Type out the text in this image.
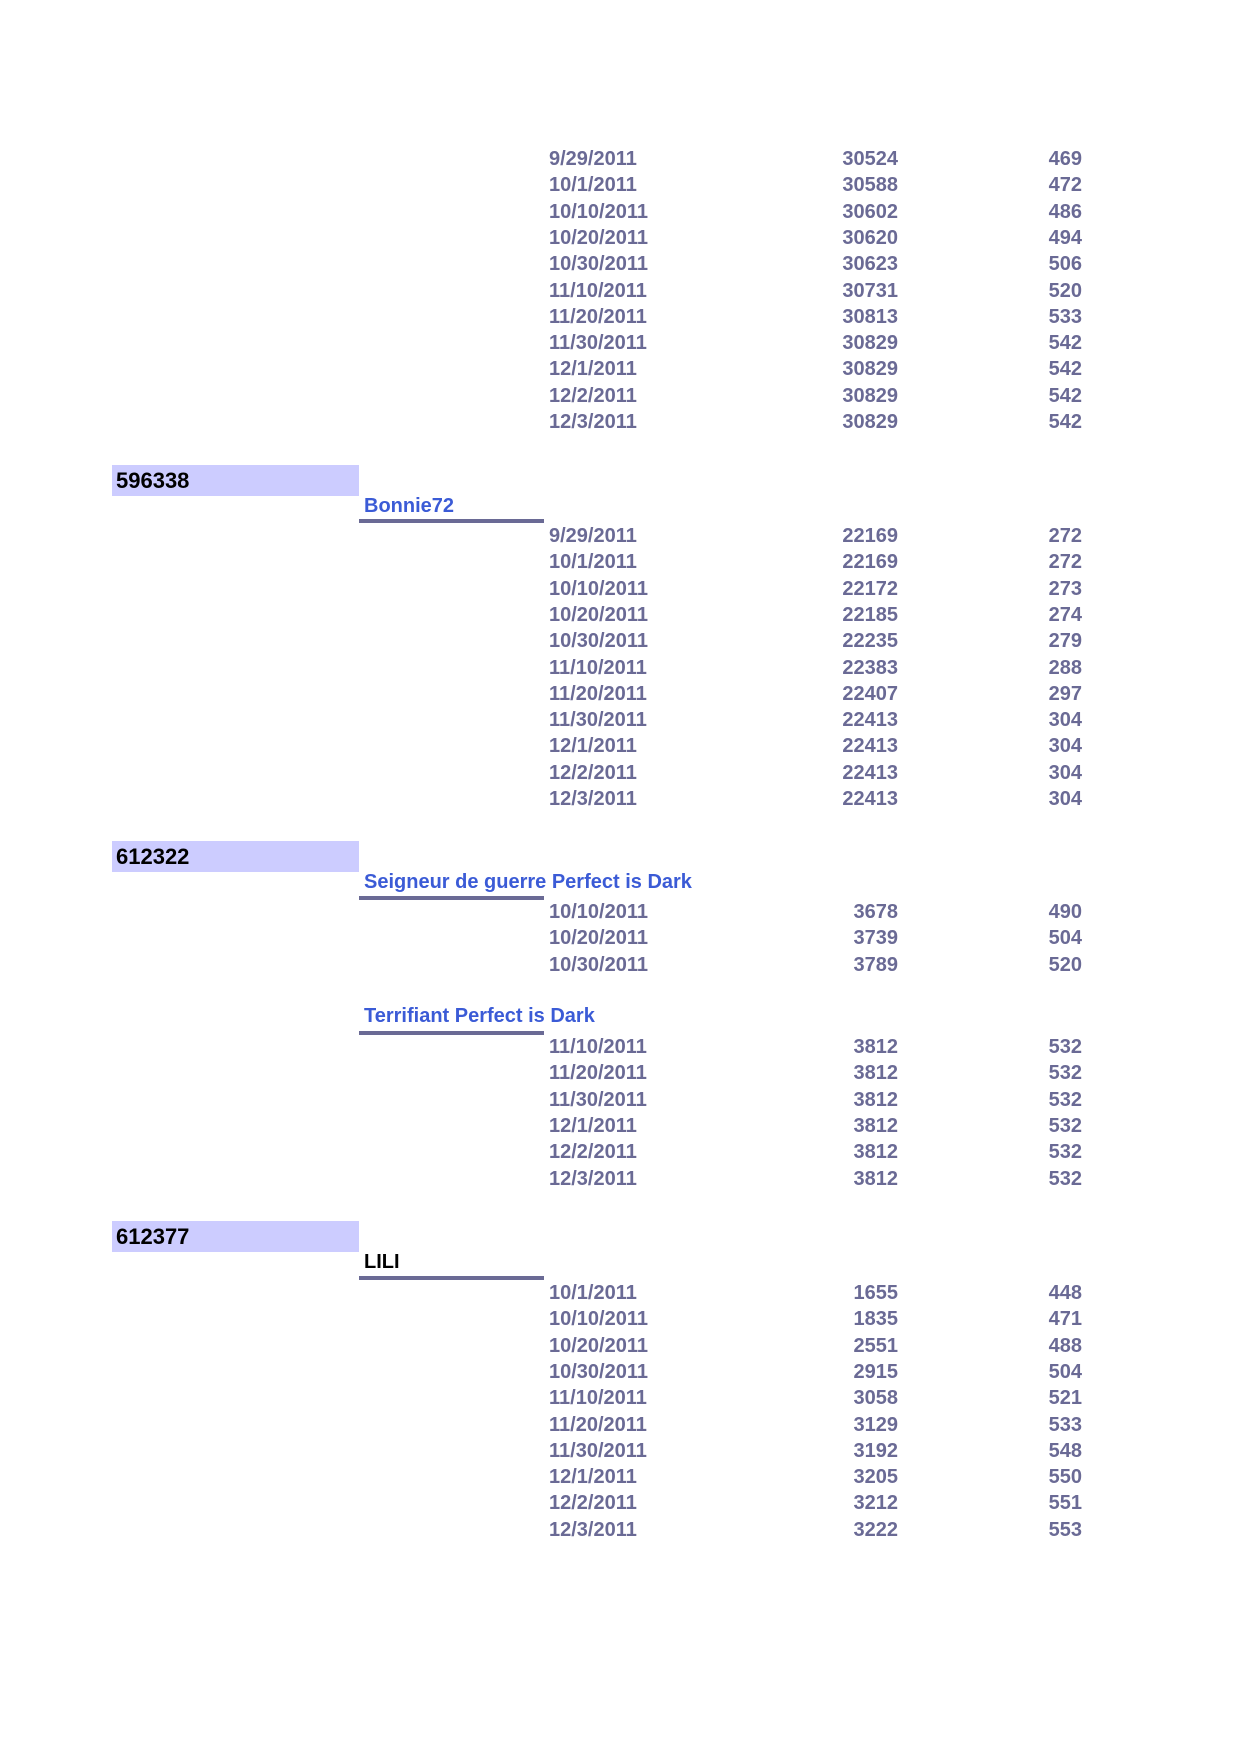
9/29/2011	30524	469
10/1/2011	30588	472
10/10/2011	30602	486
10/20/2011	30620	494
10/30/2011	30623	506
11/10/2011	30731	520
11/20/2011	30813	533
11/30/2011	30829	542
12/1/2011	30829	542
12/2/2011	30829	542
12/3/2011	30829	542
596338
Bonnie72
9/29/2011	22169	272
10/1/2011	22169	272
10/10/2011	22172	273
10/20/2011	22185	274
10/30/2011	22235	279
11/10/2011	22383	288
11/20/2011	22407	297
11/30/2011	22413	304
12/1/2011	22413	304
12/2/2011	22413	304
12/3/2011	22413	304
612322
Seigneur de guerre Perfect is Dark
10/10/2011	3678	490
10/20/2011	3739	504
10/30/2011	3789	520
Terrifiant Perfect is Dark
11/10/2011	3812	532
11/20/2011	3812	532
11/30/2011	3812	532
12/1/2011	3812	532
12/2/2011	3812	532
12/3/2011	3812	532
612377
LILI
10/1/2011	1655	448
10/10/2011	1835	471
10/20/2011	2551	488
10/30/2011	2915	504
11/10/2011	3058	521
11/20/2011	3129	533
11/30/2011	3192	548
12/1/2011	3205	550
12/2/2011	3212	551
12/3/2011	3222	553
